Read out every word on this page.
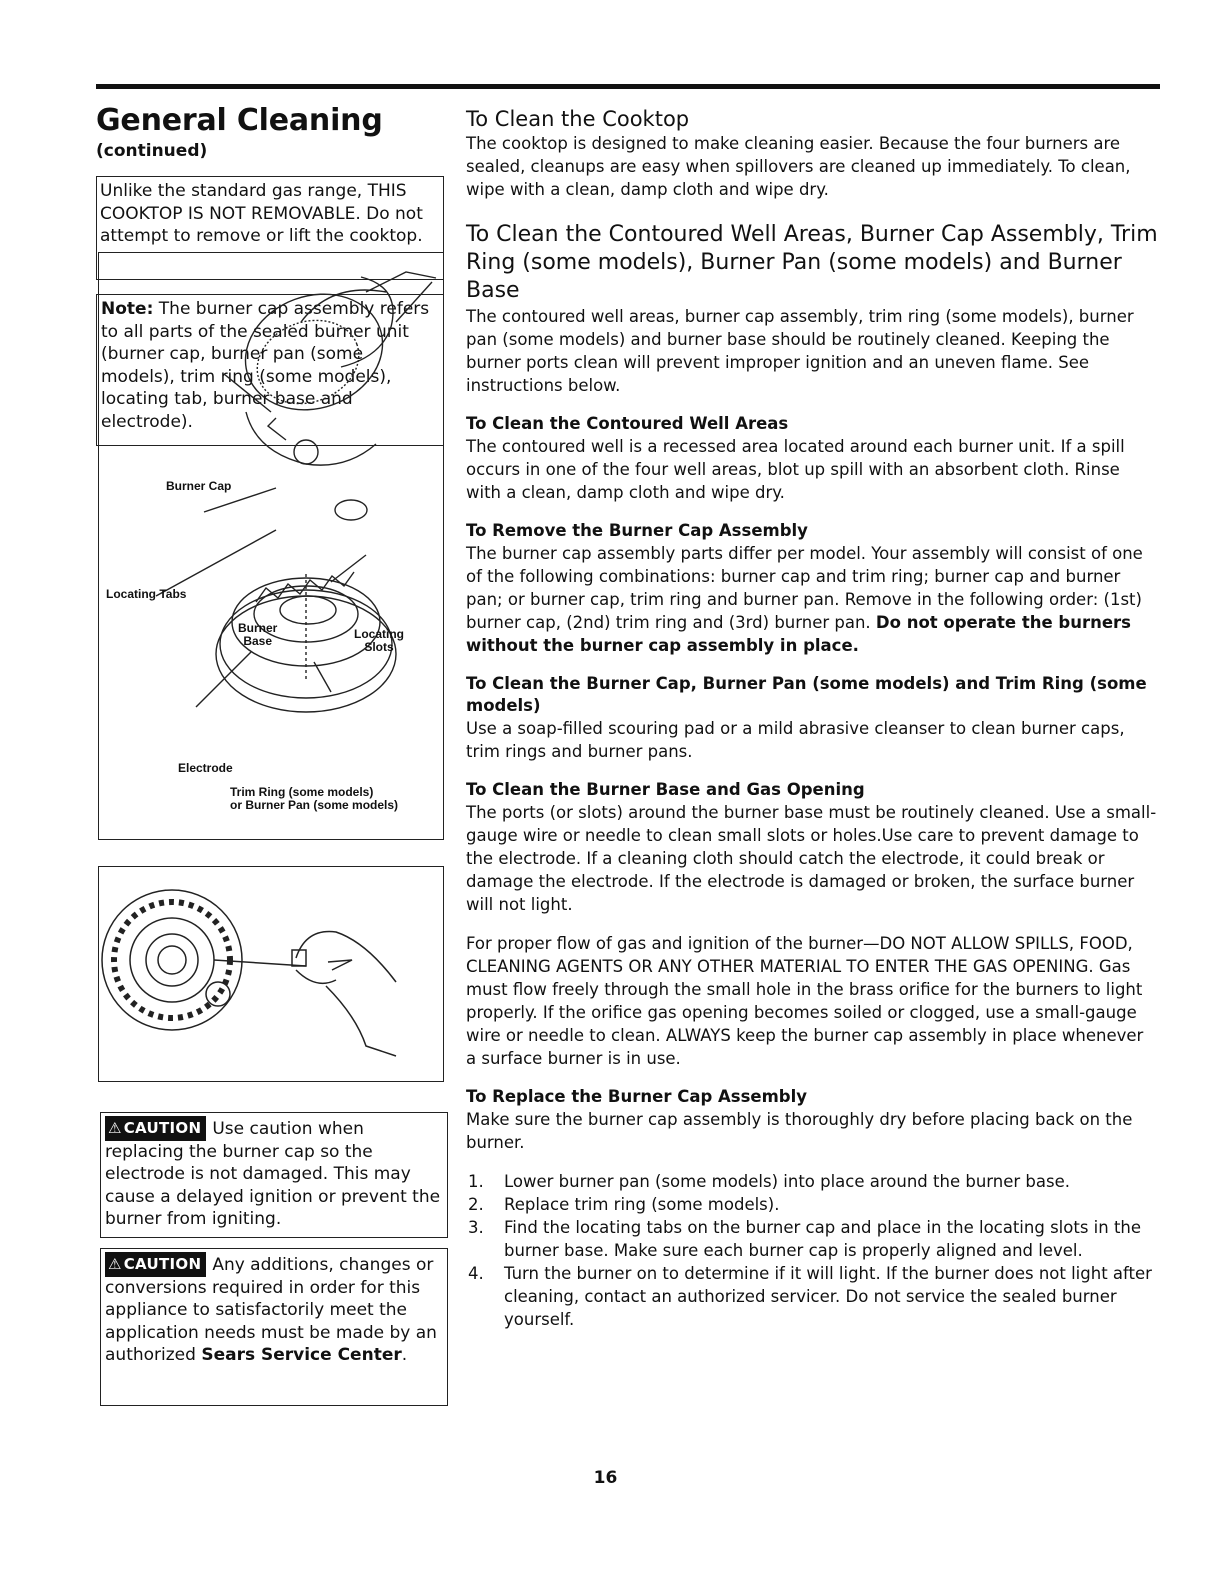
General Cleaning
(continued)
Unlike the standard gas range, THIS COOKTOP IS NOT REMOVABLE. Do not attempt to remove or lift the cooktop.
Note: The burner cap assembly refers to all parts of the sealed burner unit (burner cap, burner pan (some models), trim ring (some models), locating tab, burner base and electrode).
Burner Cap
Locating Tabs
Burner
Base	Locating
Slots
Electrode
Trim Ring (some models)
or Burner Pan (some models)
⚠ CAUTION Use caution when replacing the burner cap so the electrode is not damaged. This may cause a delayed ignition or prevent the burner from igniting.
⚠ CAUTION Any additions, changes or conversions required in order for this appliance to satisfactorily meet the application needs must be made by an authorized Sears Service Center.
To Clean the Cooktop

The cooktop is designed to make cleaning easier. Because the four burners are sealed, cleanups are easy when spillovers are cleaned up immediately. To clean, wipe with a clean, damp cloth and wipe dry.

To Clean the Contoured Well Areas, Burner Cap Assembly, Trim Ring (some models), Burner Pan (some models) and Burner Base

The contoured well areas, burner cap assembly, trim ring (some models), burner pan (some models) and burner base should be routinely cleaned. Keeping the burner ports clean will prevent improper ignition and an uneven flame. See instructions below.

To Clean the Contoured Well Areas

The contoured well is a recessed area located around each burner unit. If a spill occurs in one of the four well areas, blot up spill with an absorbent cloth. Rinse with a clean, damp cloth and wipe dry.

To Remove the Burner Cap Assembly

The burner cap assembly parts differ per model. Your assembly will consist of one of the following combinations: burner cap and trim ring; burner cap and burner pan; or burner cap, trim ring and burner pan. Remove in the following order: (1st) burner cap, (2nd) trim ring and (3rd) burner pan. Do not operate the burners without the burner cap assembly in place.

To Clean the Burner Cap, Burner Pan (some models) and Trim Ring (some models)

Use a soap-filled scouring pad or a mild abrasive cleanser to clean burner caps, trim rings and burner pans.

To Clean the Burner Base and Gas Opening

The ports (or slots) around the burner base must be routinely cleaned. Use a small-gauge wire or needle to clean small slots or holes.Use care to prevent damage to the electrode. If a cleaning cloth should catch the electrode, it could break or damage the electrode. If the electrode is damaged or broken, the surface burner will not light.

For proper flow of gas and ignition of the burner—DO NOT ALLOW SPILLS, FOOD, CLEANING AGENTS OR ANY OTHER MATERIAL TO ENTER THE GAS OPENING. Gas must flow freely through the small hole in the brass orifice for the burners to light properly. If the orifice gas opening becomes soiled or clogged, use a small-gauge wire or needle to clean. ALWAYS keep the burner cap assembly in place whenever a surface burner is in use.

To Replace the Burner Cap Assembly

Make sure the burner cap assembly is thoroughly dry before placing back on the burner.

1. Lower burner pan (some models) into place around the burner base.
2. Replace trim ring (some models).
3. Find the locating tabs on the burner cap and place in the locating slots in the burner base. Make sure each burner cap is properly aligned and level.
4. Turn the burner on to determine if it will light. If the burner does not light after cleaning, contact an authorized servicer. Do not service the sealed burner yourself.
16
